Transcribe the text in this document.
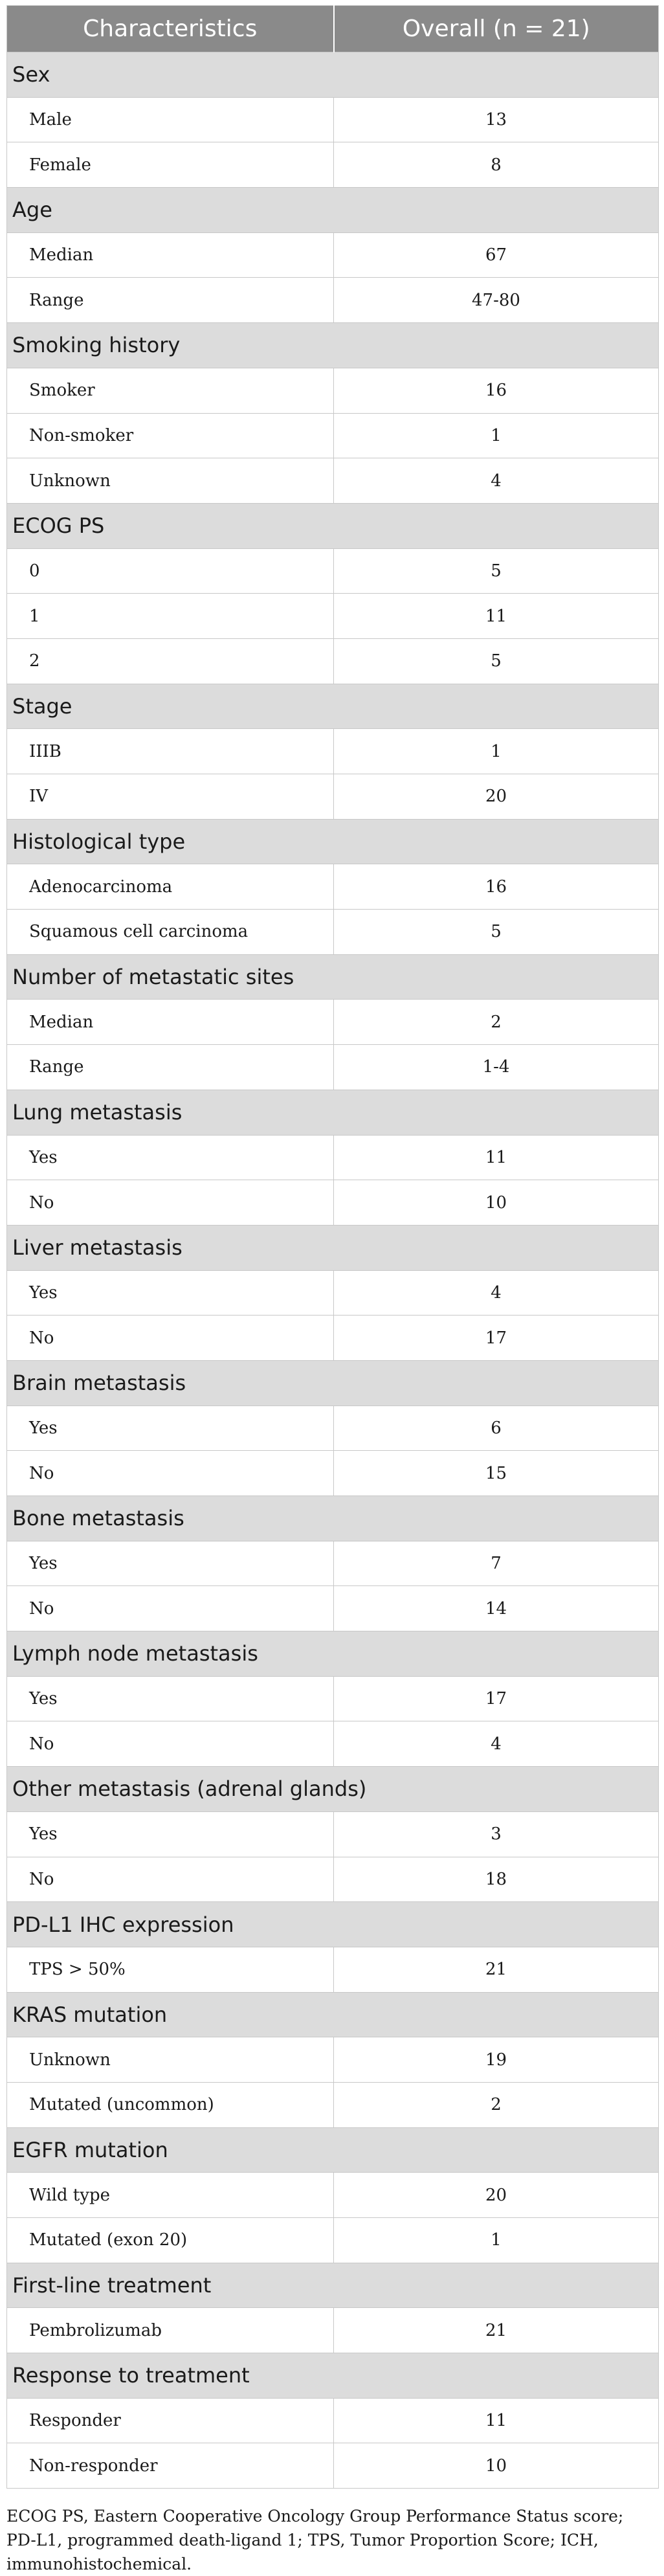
Characteristics	Overall (n = 21)
Sex	
Male	13
Female	8
Age	
Median	67
Range	47-80
Smoking history	
Smoker	16
Non-smoker	1
Unknown	4
ECOG PS	
0	5
1	11
2	5
Stage	
IIIB	1
IV	20
Histological type	
Adenocarcinoma	16
Squamous cell carcinoma	5
Number of metastatic sites	
Median	2
Range	1-4
Lung metastasis	
Yes	11
No	10
Liver metastasis	
Yes	4
No	17
Brain metastasis	
Yes	6
No	15
Bone metastasis	
Yes	7
No	14
Lymph node metastasis	
Yes	17
No	4
Other metastasis (adrenal glands)	
Yes	3
No	18
PD-L1 IHC expression	
TPS > 50%	21
KRAS mutation	
Unknown	19
Mutated (uncommon)	2
EGFR mutation	
Wild type	20
Mutated (exon 20)	1
First-line treatment	
Pembrolizumab	21
Response to treatment	
Responder	11
Non-responder	10

ECOG PS, Eastern Cooperative Oncology Group Performance Status score; PD-L1, programmed death-ligand 1; TPS, Tumor Proportion Score; ICH, immunohistochemical.
